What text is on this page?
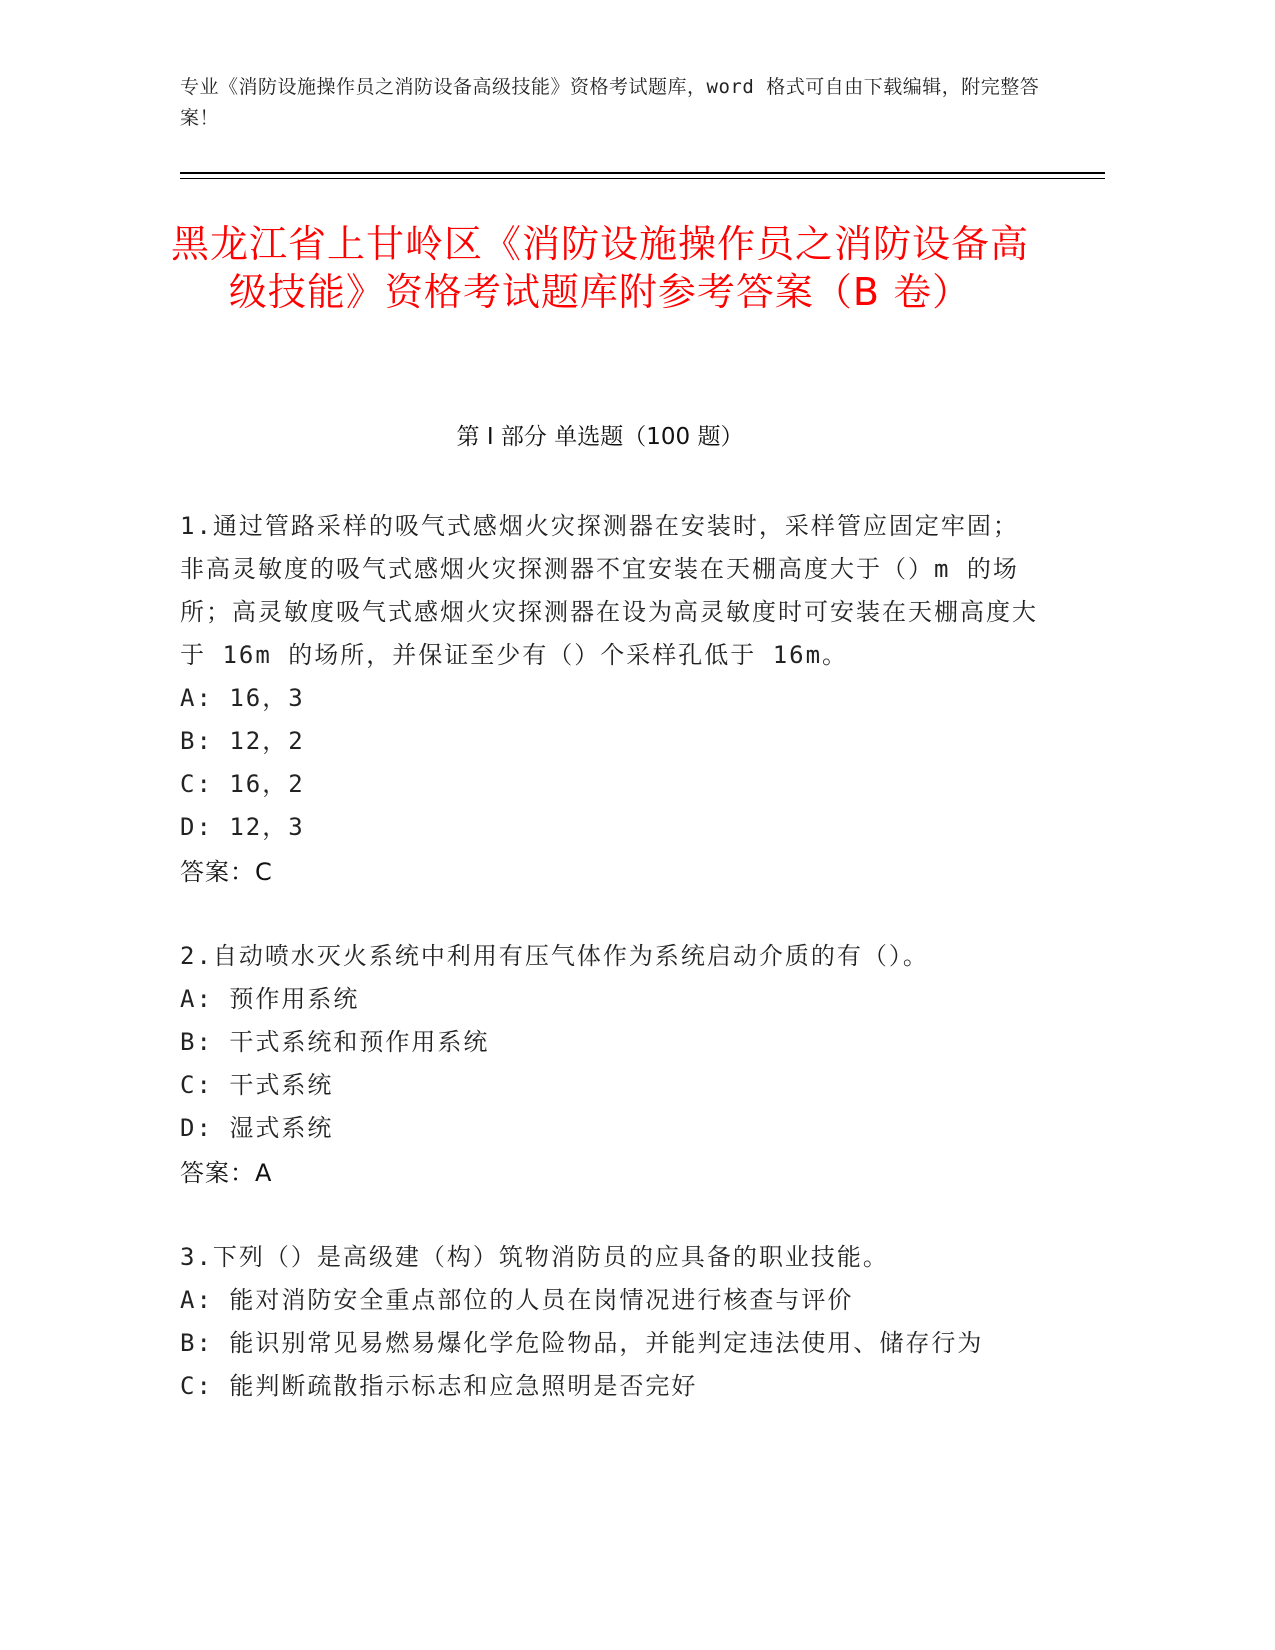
专业《消防设施操作员之消防设备高级技能》资格考试题库，word 格式可自由下载编辑，附完整答案！
黑龙江省上甘岭区《消防设施操作员之消防设备高级技能》资格考试题库附参考答案（B 卷）
第 I 部分 单选题（100 题）

1.通过管路采样的吸气式感烟火灾探测器在安装时，采样管应固定牢固；非高灵敏度的吸气式感烟火灾探测器不宜安装在天棚高度大于（）m 的场所；高灵敏度吸气式感烟火灾探测器在设为高灵敏度时可安装在天棚高度大于 16m 的场所，并保证至少有（）个采样孔低于 16m。

A: 16，3

B: 12，2

C: 16，2

D: 12，3

答案：C

2.自动喷水灭火系统中利用有压气体作为系统启动介质的有（）。

A: 预作用系统

B: 干式系统和预作用系统

C: 干式系统

D: 湿式系统

答案：A

3.下列（）是高级建（构）筑物消防员的应具备的职业技能。

A: 能对消防安全重点部位的人员在岗情况进行核查与评价

B: 能识别常见易燃易爆化学危险物品，并能判定违法使用、储存行为

C: 能判断疏散指示标志和应急照明是否完好
